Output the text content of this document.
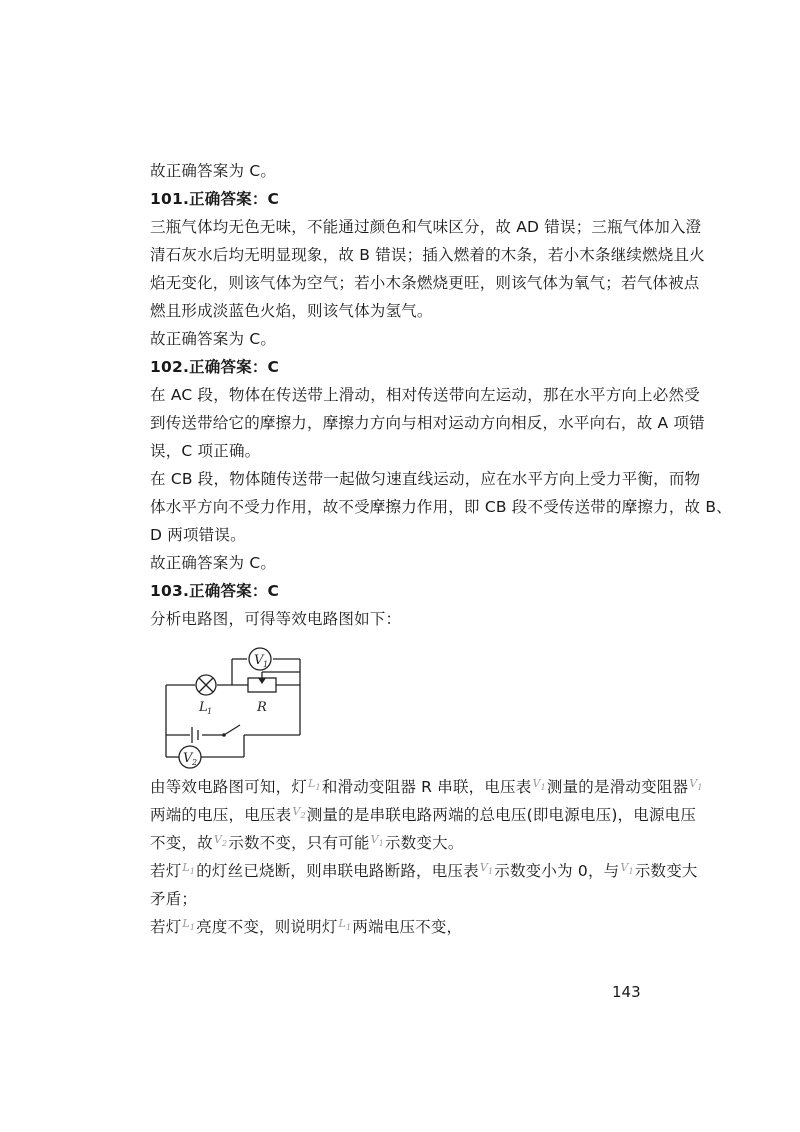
故正确答案为 C。
101.正确答案：C
三瓶气体均无色无味，不能通过颜色和气味区分，故 AD 错误；三瓶气体加入澄
清石灰水后均无明显现象，故 B 错误；插入燃着的木条，若小木条继续燃烧且火
焰无变化，则该气体为空气；若小木条燃烧更旺，则该气体为氧气；若气体被点
燃且形成淡蓝色火焰，则该气体为氢气。
故正确答案为 C。
102.正确答案：C
在 AC 段，物体在传送带上滑动，相对传送带向左运动，那在水平方向上必然受
到传送带给它的摩擦力，摩擦力方向与相对运动方向相反，水平向右，故 A 项错
误，C 项正确。
在 CB 段，物体随传送带一起做匀速直线运动，应在水平方向上受力平衡，而物
体水平方向不受力作用，故不受摩擦力作用，即 CB 段不受传送带的摩擦力，故 B、
D 两项错误。
故正确答案为 C。
103.正确答案：C
分析电路图，可得等效电路图如下：
V 1
V 2
L 1	R
由等效电路图可知，灯$^{L_1}$和滑动变阻器 R 串联，电压表$^{V_1}$测量的是滑动变阻器$^{V_1}$
两端的电压，电压表$^{V_2}$测量的是串联电路两端的总电压(即电源电压)，电源电压
不变，故$^{V_2}$示数不变，只有可能$^{V_1}$示数变大。
若灯$^{L_1}$的灯丝已烧断，则串联电路断路，电压表$^{V_1}$示数变小为 0，与$^{V_1}$示数变大
矛盾；
若灯$^{L_1}$亮度不变，则说明灯$^{L_1}$两端电压不变，
143
